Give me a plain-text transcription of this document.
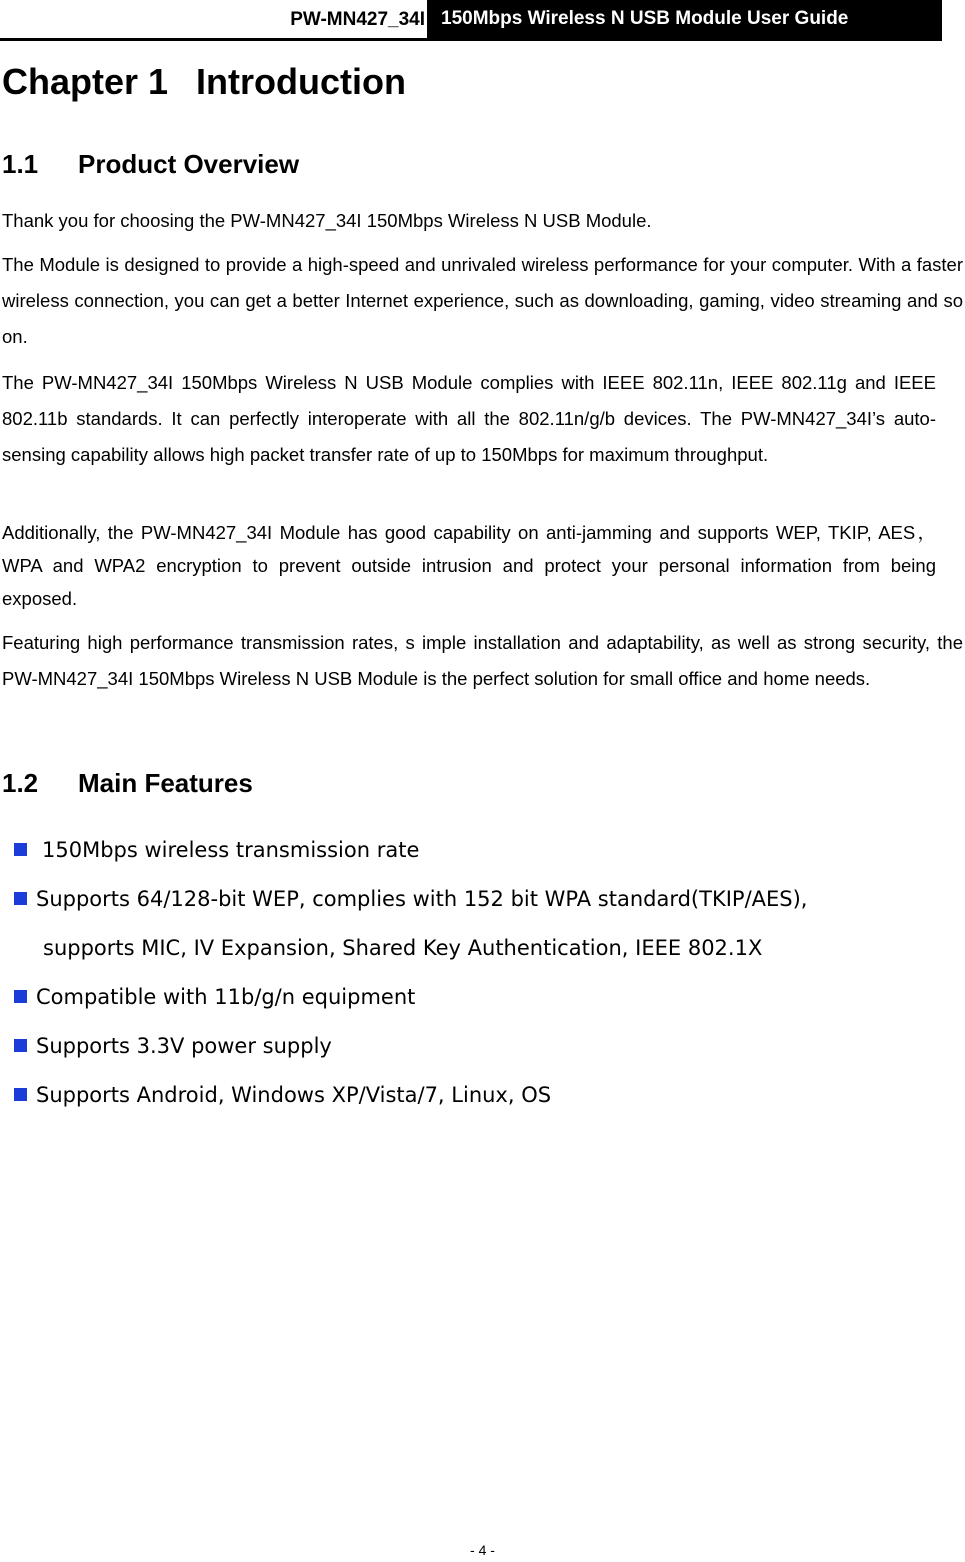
PW-MN427_34I 150Mbps Wireless N USB Module User Guide
Chapter 1 Introduction
1.1 Product Overview

Thank you for choosing the PW-MN427_34I 150Mbps Wireless N USB Module.

The Module is designed to provide a high-speed and unrivaled wireless performance for your computer. With a faster wireless connection, you can get a better Internet experience, such as downloading, gaming, video streaming and so on.

The PW-MN427_34I 150Mbps Wireless N USB Module complies with IEEE 802.11n, IEEE 802.11g and IEEE 802.11b standards. It can perfectly interoperate with all the 802.11n/g/b devices. The PW-MN427_34I’s auto-sensing capability allows high packet transfer rate of up to 150Mbps for maximum throughput.

Additionally, the PW-MN427_34I Module has good capability on anti-jamming and supports WEP, TKIP, AES，WPA and WPA2 encryption to prevent outside intrusion and protect your personal information from being exposed.

Featuring high performance transmission rates, s imple installation and adaptability, as well as strong security, the PW-MN427_34I 150Mbps Wireless N USB Module is the perfect solution for small office and home needs.

1.2 Main Features
150Mbps wireless transmission rate
Supports 64/128-bit WEP, complies with 152 bit WPA standard(TKIP/AES),
supports MIC, IV Expansion, Shared Key Authentication, IEEE 802.1X
Compatible with 11b/g/n equipment
Supports 3.3V power supply
Supports Android, Windows XP/Vista/7, Linux, OS
- 4 -
